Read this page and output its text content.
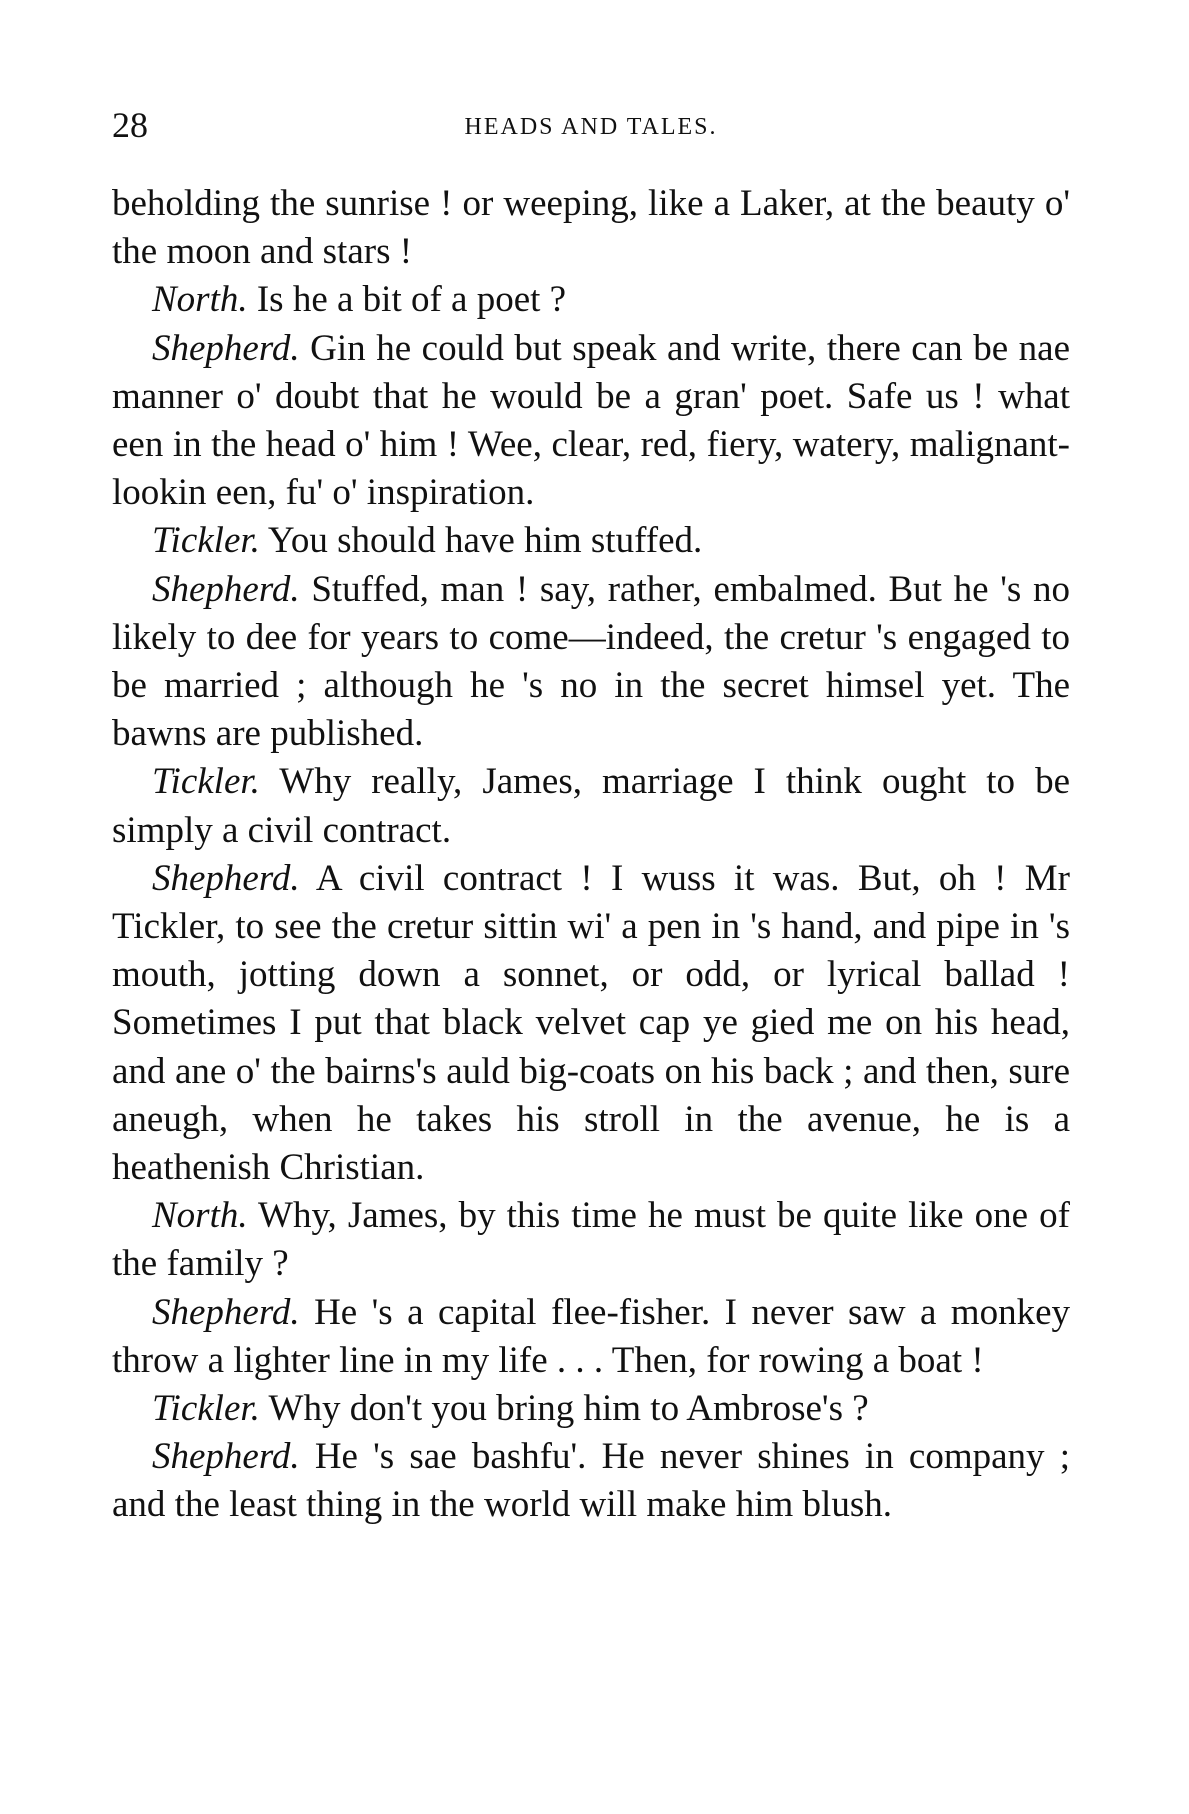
28	HEADS AND TALES.

beholding the sunrise ! or weeping, like a Laker, at the beauty o' the moon and stars !

North. Is he a bit of a poet ?

Shepherd. Gin he could but speak and write, there can be nae manner o' doubt that he would be a gran' poet. Safe us ! what een in the head o' him ! Wee, clear, red, fiery, watery, malignant-lookin een, fu' o' inspiration.

Tickler. You should have him stuffed.

Shepherd. Stuffed, man ! say, rather, embalmed. But he 's no likely to dee for years to come—indeed, the cretur 's engaged to be married ; although he 's no in the secret himsel yet. The bawns are published.

Tickler. Why really, James, marriage I think ought to be simply a civil contract.

Shepherd. A civil contract ! I wuss it was. But, oh ! Mr Tickler, to see the cretur sittin wi' a pen in 's hand, and pipe in 's mouth, jotting down a sonnet, or odd, or lyrical ballad ! Sometimes I put that black velvet cap ye gied me on his head, and ane o' the bairns's auld big-coats on his back ; and then, sure aneugh, when he takes his stroll in the avenue, he is a heathenish Christian.

North. Why, James, by this time he must be quite like one of the family ?

Shepherd. He 's a capital flee-fisher. I never saw a monkey throw a lighter line in my life . . . Then, for rowing a boat !

Tickler. Why don't you bring him to Ambrose's ?

Shepherd. He 's sae bashfu'. He never shines in company ; and the least thing in the world will make him blush.
